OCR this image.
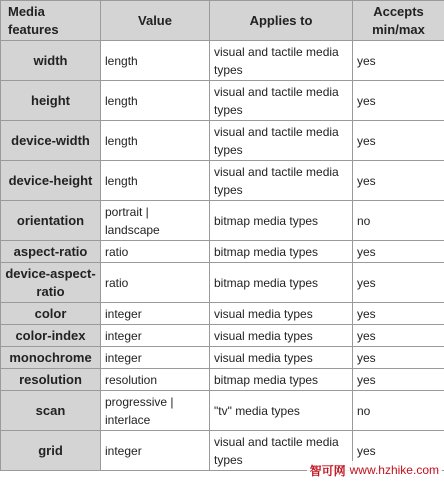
Media features	Value	Applies to	Accepts min/max
width	length	visual and tactile media types	yes
height	length	visual and tactile media types	yes
device-width	length	visual and tactile media types	yes
device-height	length	visual and tactile media types	yes
orientation	portrait | landscape	bitmap media types	no
aspect-ratio	ratio	bitmap media types	yes
device-aspect-ratio	ratio	bitmap media types	yes
color	integer	visual media types	yes
color-index	integer	visual media types	yes
monochrome	integer	visual media types	yes
resolution	resolution	bitmap media types	yes
scan	progressive | interlace	"tv" media types	no
grid	integer	visual and tactile media types	yes
智可网 www.hzhike.com
